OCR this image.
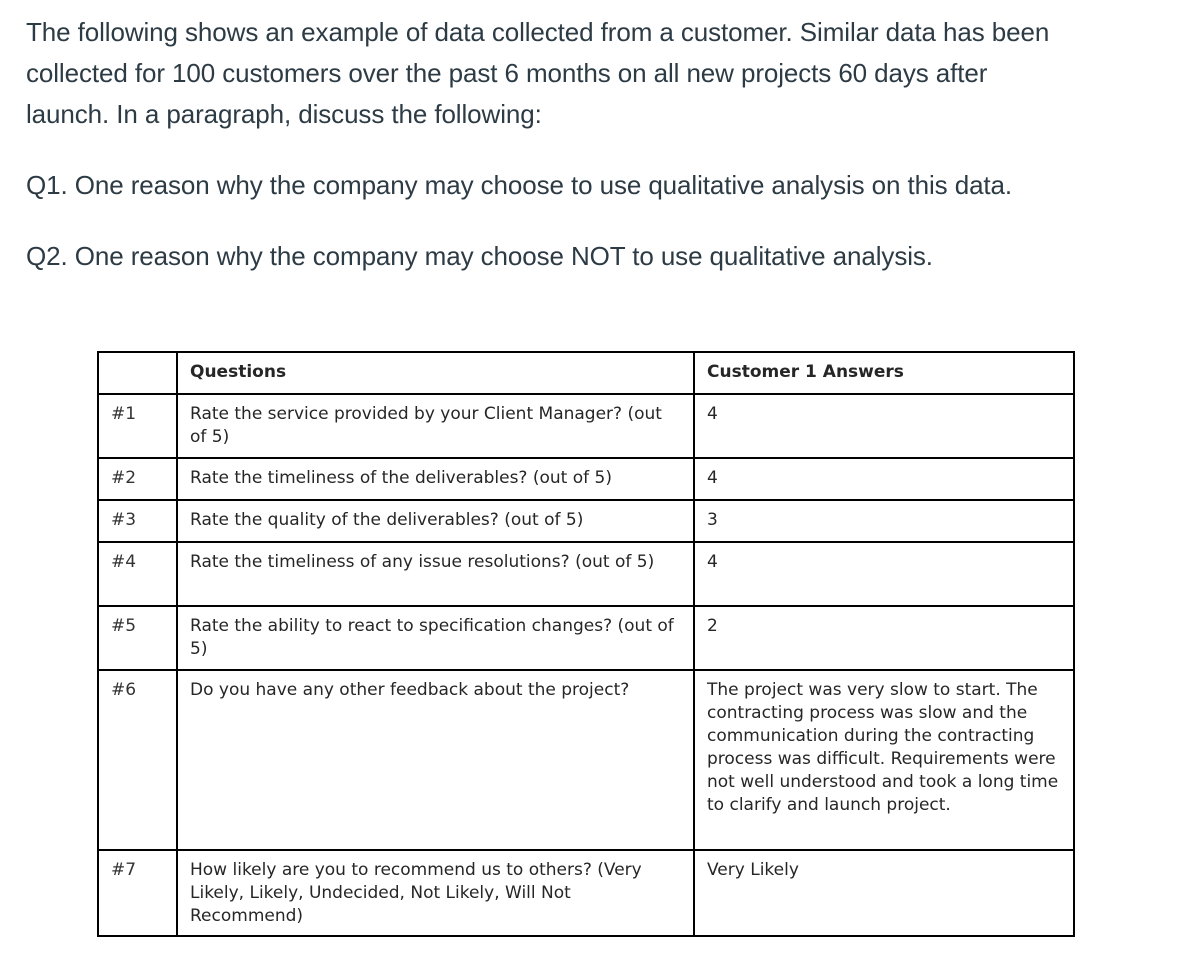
The following shows an example of data collected from a customer. Similar data has been collected for 100 customers over the past 6 months on all new projects 60 days after launch. In a paragraph, discuss the following:

Q1. One reason why the company may choose to use qualitative analysis on this data.

Q2. One reason why the company may choose NOT to use qualitative analysis.

	Questions	Customer 1 Answers
#1	Rate the service provided by your Client Manager? (out of 5)	4
#2	Rate the timeliness of the deliverables? (out of 5)	4
#3	Rate the quality of the deliverables? (out of 5)	3
#4	Rate the timeliness of any issue resolutions? (out of 5)	4
#5	Rate the ability to react to specification changes? (out of 5)	2
#6	Do you have any other feedback about the project?	The project was very slow to start. The contracting process was slow and the communication during the contracting process was difficult. Requirements were not well understood and took a long time to clarify and launch project.
#7	How likely are you to recommend us to others? (Very Likely, Likely, Undecided, Not Likely, Will Not Recommend)	Very Likely
